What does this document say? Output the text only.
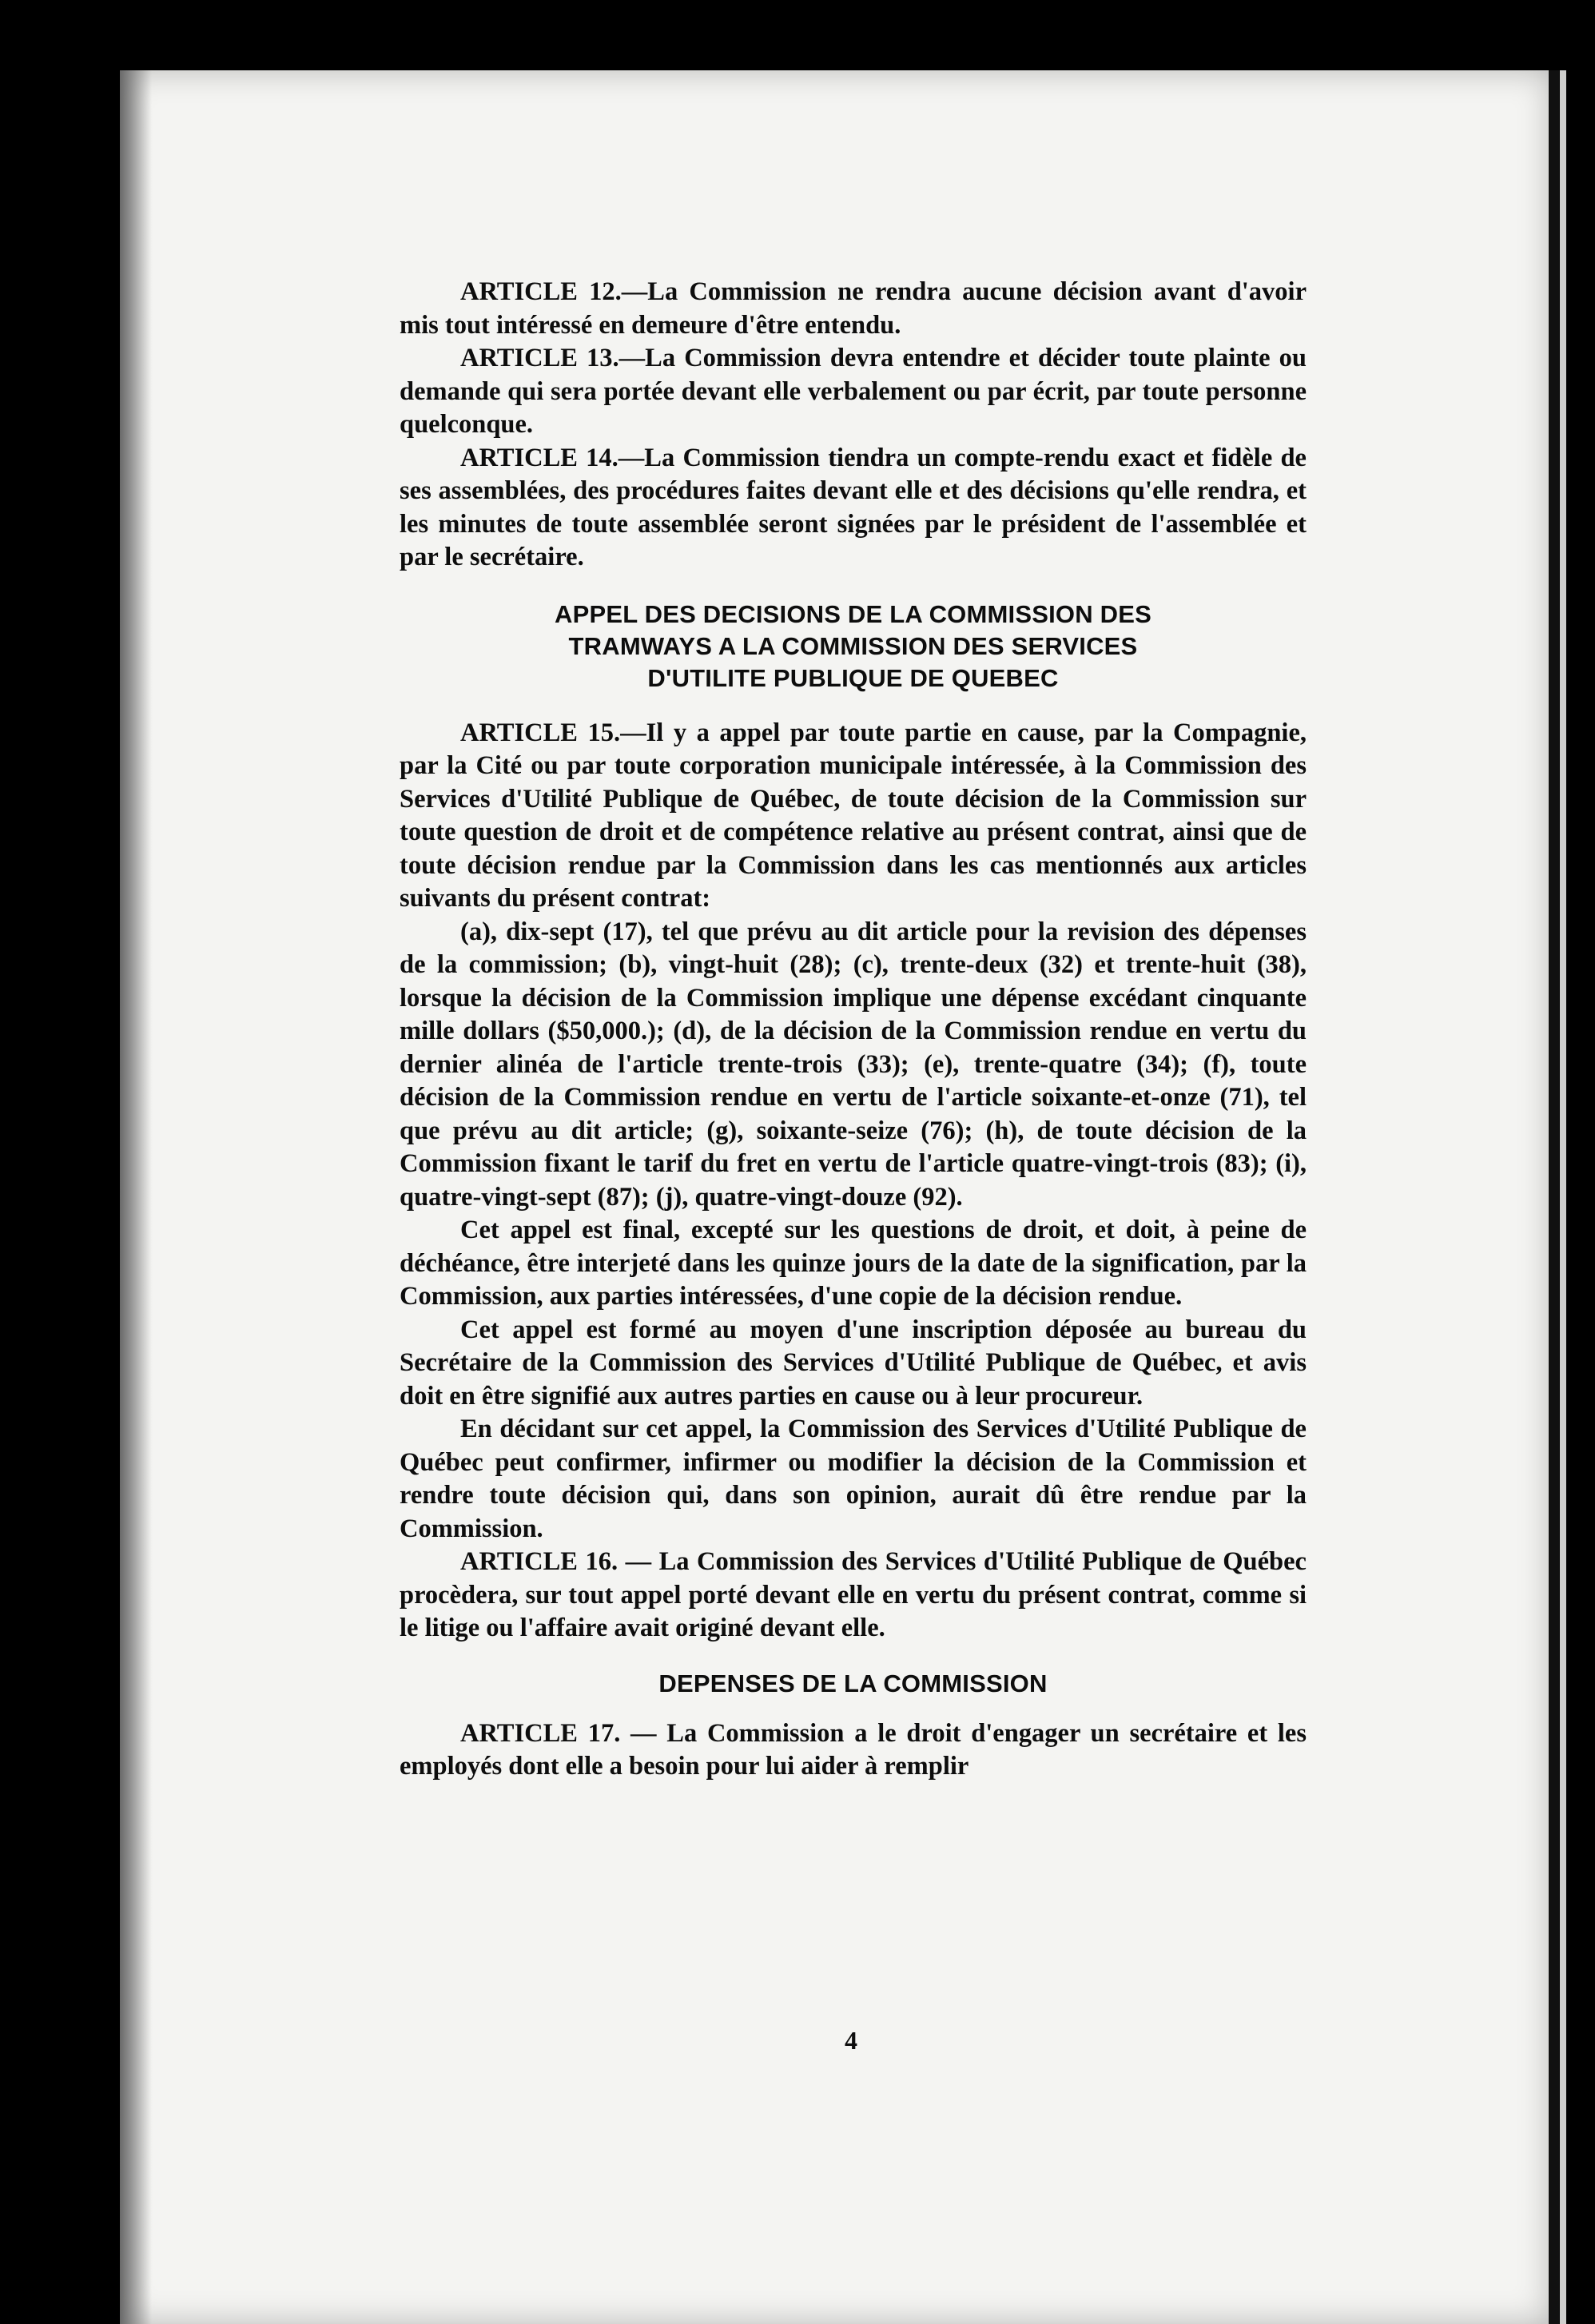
ARTICLE 12.—La Commission ne rendra aucune décision avant d'avoir mis tout intéressé en demeure d'être entendu.

ARTICLE 13.—La Commission devra entendre et décider toute plainte ou demande qui sera portée devant elle verbalement ou par écrit, par toute personne quelconque.

ARTICLE 14.—La Commission tiendra un compte-rendu exact et fidèle de ses assemblées, des procédures faites devant elle et des décisions qu'elle rendra, et les minutes de toute assemblée seront signées par le président de l'assemblée et par le secrétaire.

APPEL DES DECISIONS DE LA COMMISSION DES
TRAMWAYS A LA COMMISSION DES SERVICES
D'UTILITE PUBLIQUE DE QUEBEC

ARTICLE 15.—Il y a appel par toute partie en cause, par la Compagnie, par la Cité ou par toute corporation municipale intéressée, à la Commission des Services d'Utilité Publique de Québec, de toute décision de la Commission sur toute question de droit et de compétence relative au présent contrat, ainsi que de toute décision rendue par la Commission dans les cas mentionnés aux articles suivants du présent contrat:

(a), dix-sept (17), tel que prévu au dit article pour la revision des dépenses de la commission; (b), vingt-huit (28); (c), trente-deux (32) et trente-huit (38), lorsque la décision de la Commission implique une dépense excédant cinquante mille dollars ($50,000.); (d), de la décision de la Commission rendue en vertu du dernier alinéa de l'article trente-trois (33); (e), trente-quatre (34); (f), toute décision de la Commission rendue en vertu de l'article soixante-et-onze (71), tel que prévu au dit article; (g), soixante-seize (76); (h), de toute décision de la Commission fixant le tarif du fret en vertu de l'article quatre-vingt-trois (83); (i), quatre-vingt-sept (87); (j), quatre-vingt-douze (92).

Cet appel est final, excepté sur les questions de droit, et doit, à peine de déchéance, être interjeté dans les quinze jours de la date de la signification, par la Commission, aux parties intéressées, d'une copie de la décision rendue.

Cet appel est formé au moyen d'une inscription déposée au bureau du Secrétaire de la Commission des Services d'Utilité Publique de Québec, et avis doit en être signifié aux autres parties en cause ou à leur procureur.

En décidant sur cet appel, la Commission des Services d'Utilité Publique de Québec peut confirmer, infirmer ou modifier la décision de la Commission et rendre toute décision qui, dans son opinion, aurait dû être rendue par la Commission.

ARTICLE 16. — La Commission des Services d'Utilité Publique de Québec procèdera, sur tout appel porté devant elle en vertu du présent contrat, comme si le litige ou l'affaire avait originé devant elle.

DEPENSES DE LA COMMISSION

ARTICLE 17. — La Commission a le droit d'engager un secrétaire et les employés dont elle a besoin pour lui aider à remplir

4
